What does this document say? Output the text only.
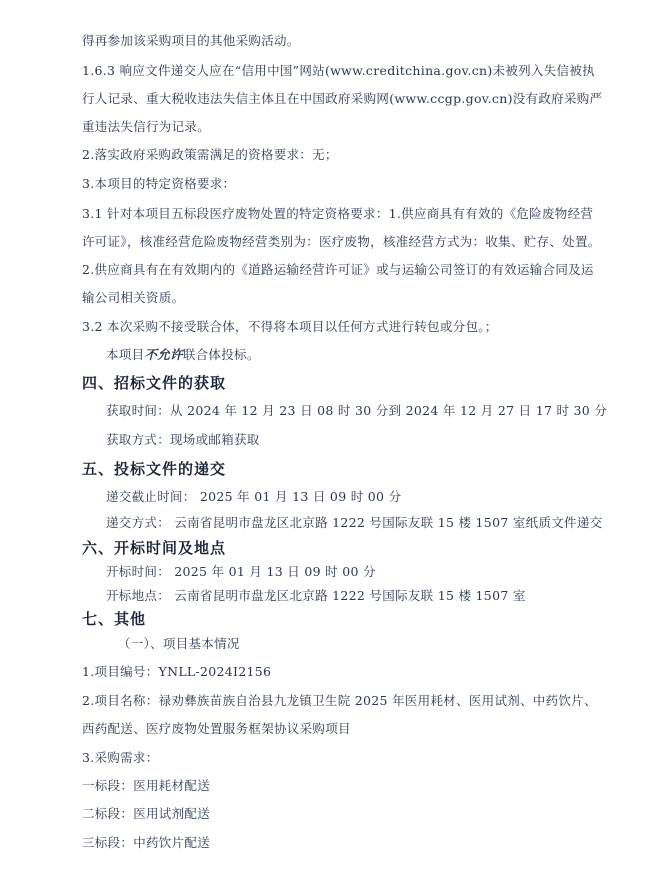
得再参加该采购项目的其他采购活动。
1.6.3 响应文件递交人应在“信用中国”网站(www.creditchina.gov.cn)未被列入失信被执
行人记录、重大税收违法失信主体且在中国政府采购网(www.ccgp.gov.cn)没有政府采购严
重违法失信行为记录。
2.落实政府采购政策需满足的资格要求：无；
3.本项目的特定资格要求：
3.1 针对本项目五标段医疗废物处置的特定资格要求：1.供应商具有有效的《危险废物经营
许可证》，核准经营危险废物经营类别为：医疗废物，核准经营方式为：收集、贮存、处置。
2.供应商具有在有效期内的《道路运输经营许可证》或与运输公司签订的有效运输合同及运
输公司相关资质。
3.2 本次采购不接受联合体，不得将本项目以任何方式进行转包或分包。；
本项目不允许联合体投标。
四、招标文件的获取
获取时间：从 2024 年 12 月 23 日 08 时 30 分到 2024 年 12 月 27 日 17 时 30 分
获取方式：现场或邮箱获取
五、投标文件的递交
递交截止时间： 2025 年 01 月 13 日 09 时 00 分
递交方式： 云南省昆明市盘龙区北京路 1222 号国际友联 15 楼 1507 室纸质文件递交
六、开标时间及地点
开标时间： 2025 年 01 月 13 日 09 时 00 分
开标地点： 云南省昆明市盘龙区北京路 1222 号国际友联 15 楼 1507 室
七、其他
（一）、项目基本情况
1.项目编号：YNLL-2024I2156
2.项目名称：禄劝彝族苗族自治县九龙镇卫生院 2025 年医用耗材、医用试剂、中药饮片、
西药配送、医疗废物处置服务框架协议采购项目
3.采购需求：
一标段：医用耗材配送
二标段：医用试剂配送
三标段：中药饮片配送
